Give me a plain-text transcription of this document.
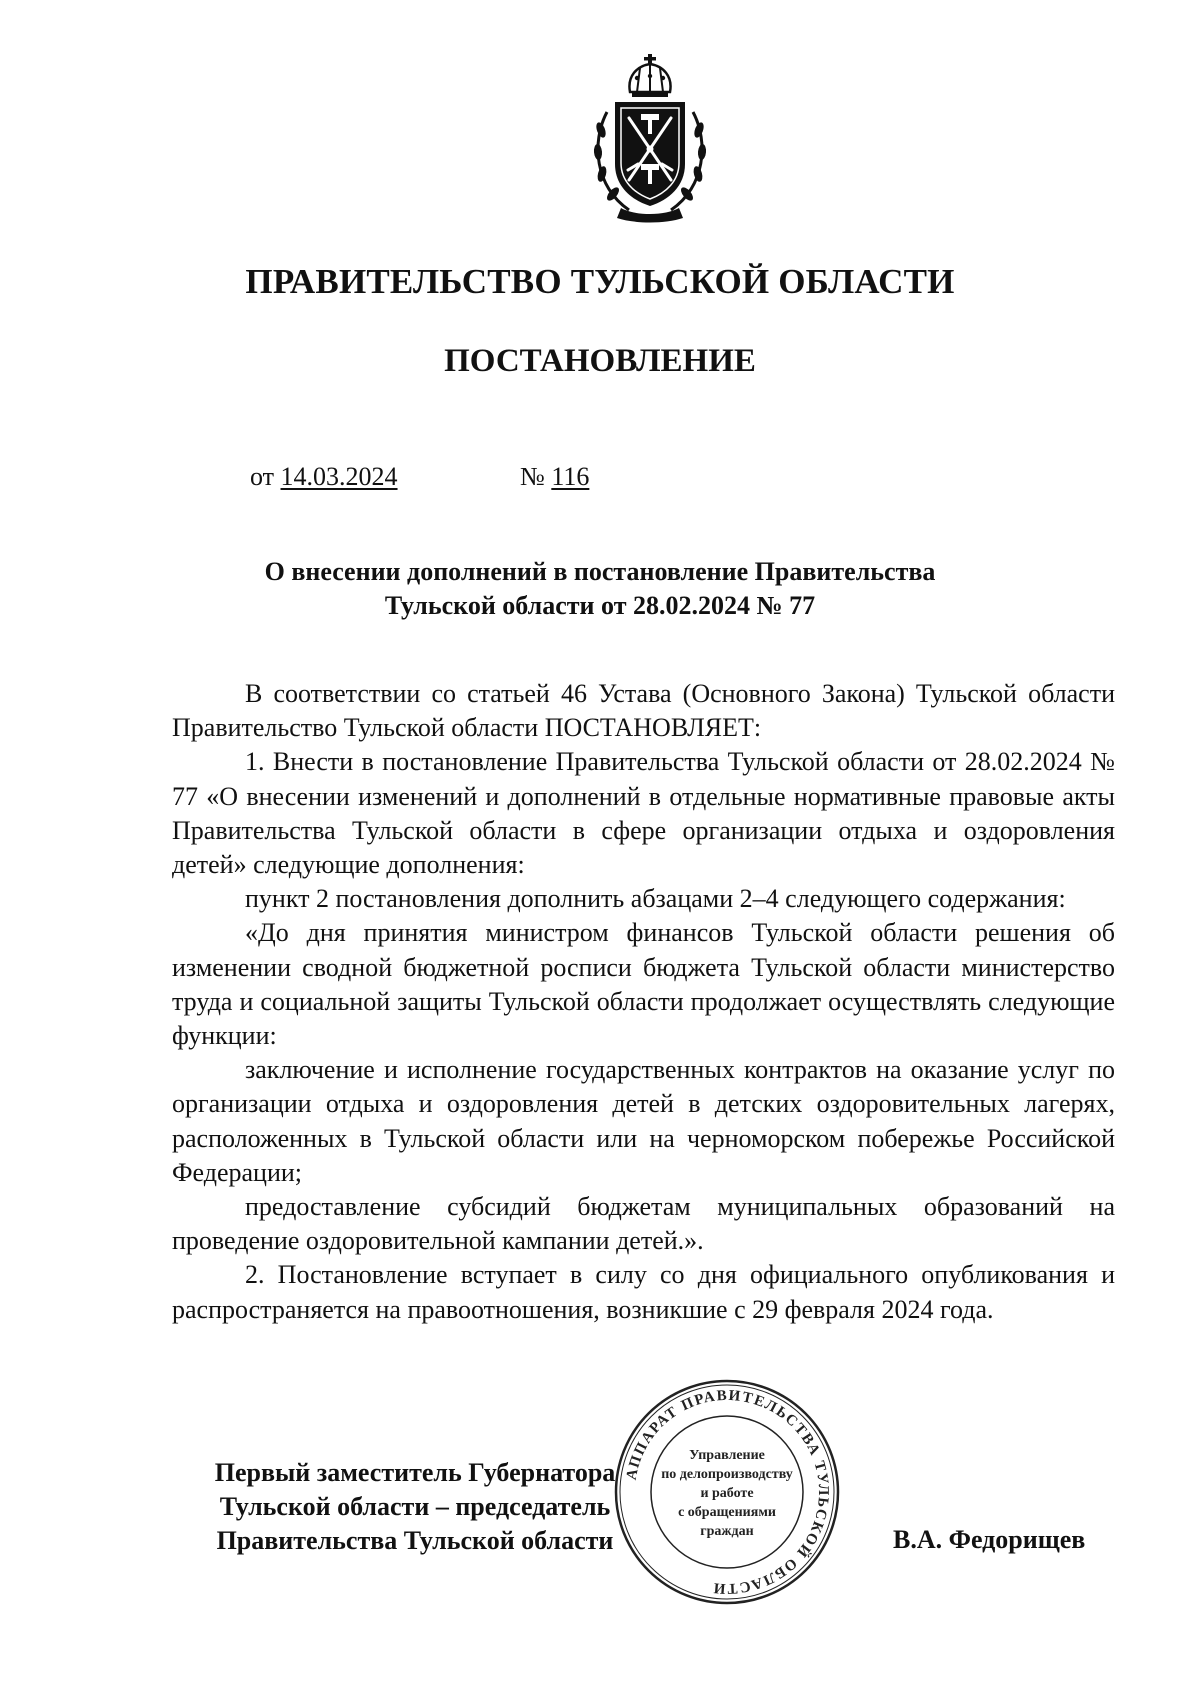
ПРАВИТЕЛЬСТВО ТУЛЬСКОЙ ОБЛАСТИ
ПОСТАНОВЛЕНИЕ
от 14.03.2024	№ 116
О внесении дополнений в постановление Правительства
Тульской области от 28.02.2024 № 77

В соответствии со статьей 46 Устава (Основного Закона) Тульской области Правительство Тульской области ПОСТАНОВЛЯЕТ:

1. Внести в постановление Правительства Тульской области от 28.02.2024 № 77 «О внесении изменений и дополнений в отдельные нормативные правовые акты Правительства Тульской области в сфере организации отдыха и оздоровления детей» следующие дополнения:

пункт 2 постановления дополнить абзацами 2–4 следующего содержания:

«До дня принятия министром финансов Тульской области решения об изменении сводной бюджетной росписи бюджета Тульской области министерство труда и социальной защиты Тульской области продолжает осуществлять следующие функции:

заключение и исполнение государственных контрактов на оказание услуг по организации отдыха и оздоровления детей в детских оздоровительных лагерях, расположенных в Тульской области или на черноморском побережье Российской Федерации;

предоставление субсидий бюджетам муниципальных образований на проведение оздоровительной кампании детей.».

2. Постановление вступает в силу со дня официального опубликования и распространяется на правоотношения, возникшие с 29 февраля 2024 года.

Первый заместитель Губернатора
Тульской области – председатель
Правительства Тульской области
АППАРАТ ПРАВИТЕЛЬСТВА ТУЛЬСКОЙ ОБЛАСТИ
Управление
по делопроизводству
и работе
с обращениями
граждан	В.А. Федорищев
